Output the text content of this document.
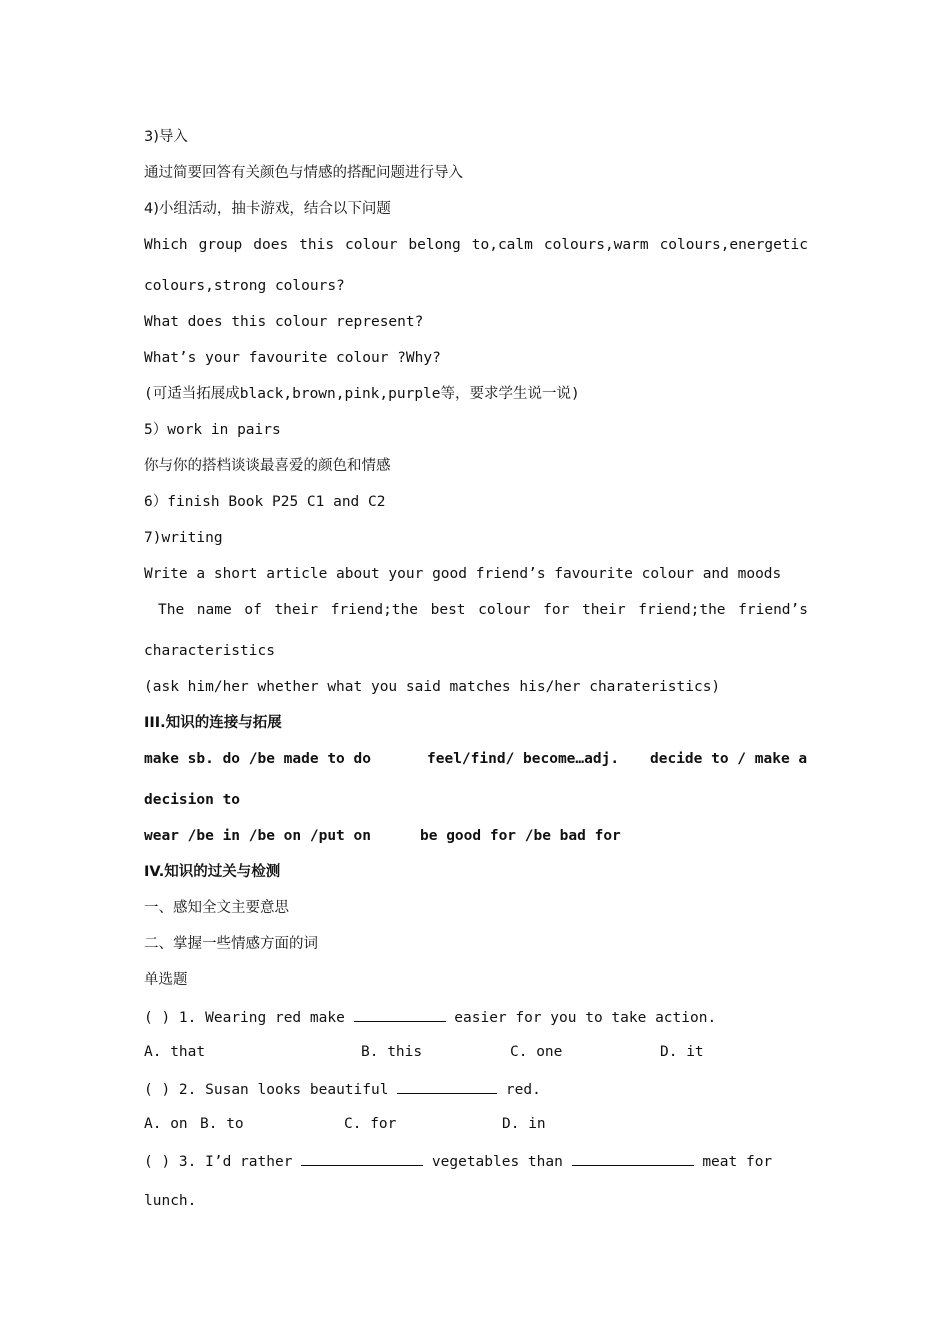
3)导入
通过简要回答有关颜色与情感的搭配问题进行导入
4)小组活动，抽卡游戏，结合以下问题
Which group does this colour belong to,calm colours,warm colours,energetic
colours,strong colours?
What does this colour represent?
What’s your favourite colour ?Why?
(可适当拓展成black,brown,pink,purple等，要求学生说一说)
5）work in pairs
你与你的搭档谈谈最喜爱的颜色和情感
6）finish Book P25 C1 and C2
7)writing
Write a short article about your good friend’s favourite colour and moods
The name of their friend;the best colour for their friend;the friend’s
characteristics
(ask him/her whether what you said matches his/her charateristics)
III.知识的连接与拓展
make sb. do /be made to do	feel/find/ become…adj. decide to / make a
decision to
wear /be in /be on /put on	be good for /be bad for
IV.知识的过关与检测
一、感知全文主要意思
二、掌握一些情感方面的词
单选题
( ) 1. Wearing red make	easier for you to take action.
A. that	B. this	C. one	D. it
( ) 2. Susan looks beautiful	red.
A. on B. to	C. for	D. in
( ) 3. I’d rather	vegetables than	meat for
lunch.
